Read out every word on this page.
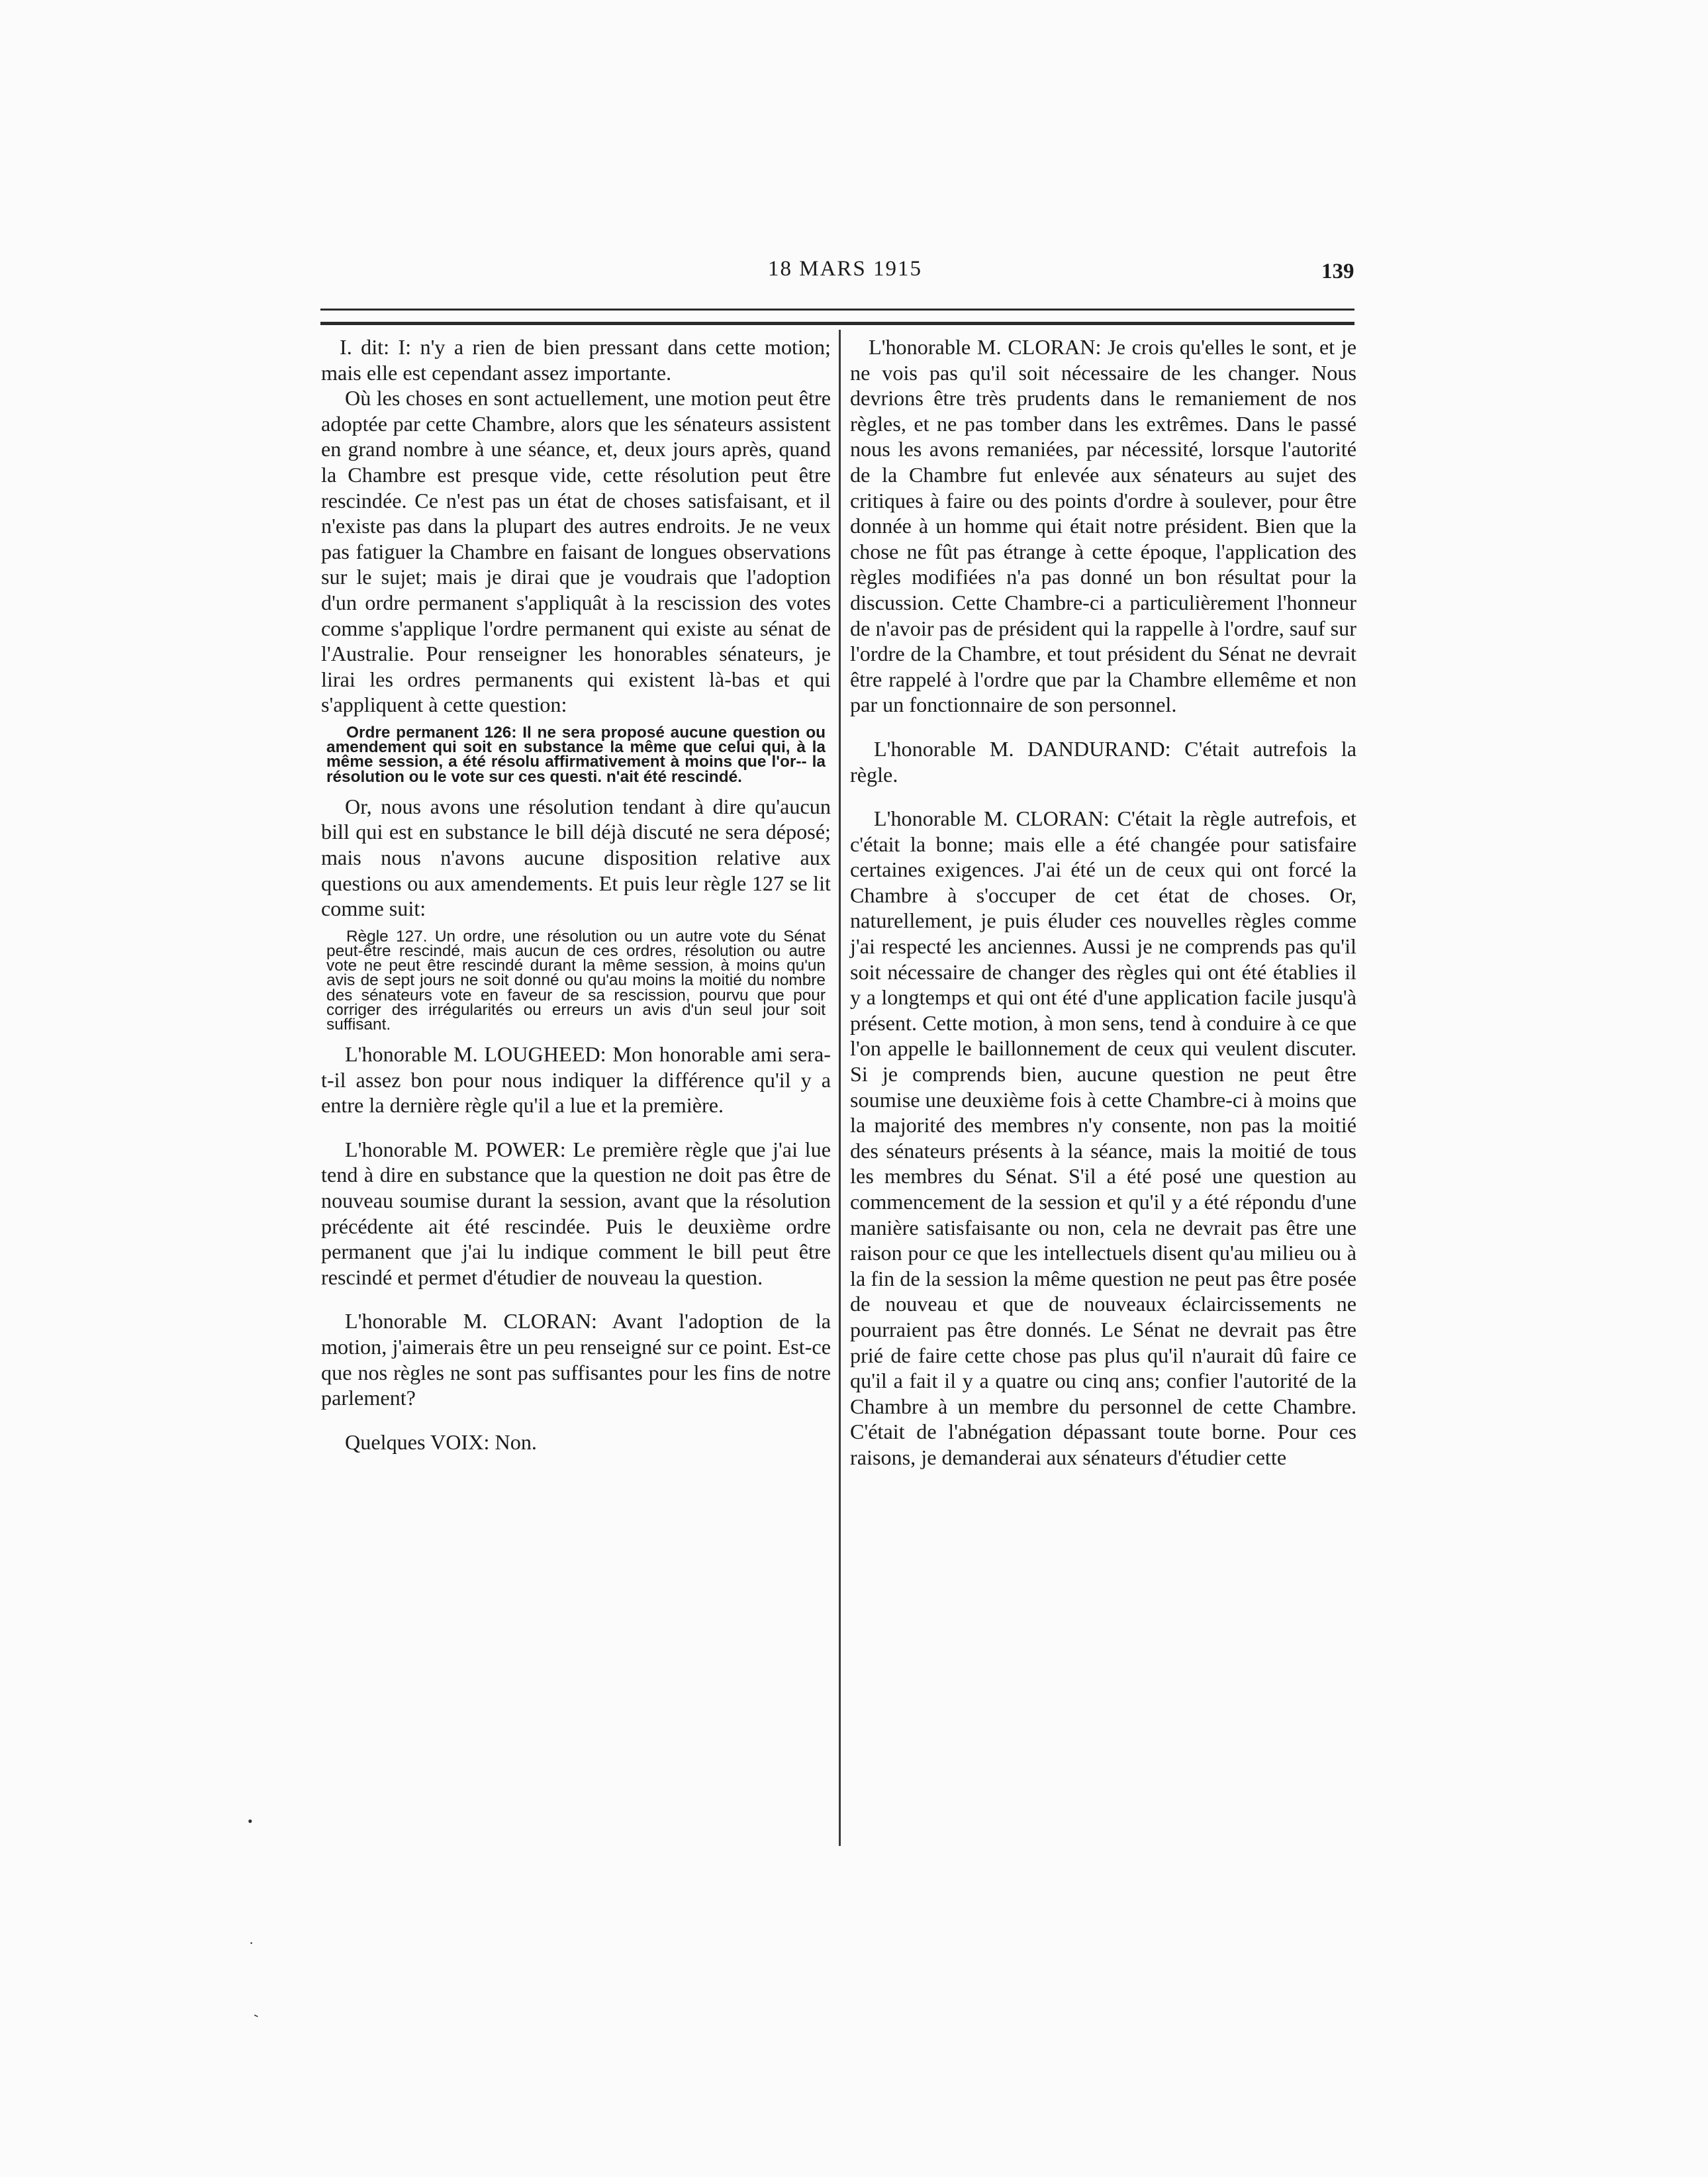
18 MARS 1915	139

I. dit: I: n'y a rien de bien pressant dans cette motion; mais elle est cependant assez importante.

Où les choses en sont actuellement, une motion peut être adoptée par cette Chambre, alors que les sénateurs assistent en grand nombre à une séance, et, deux jours après, quand la Chambre est presque vide, cette résolution peut être rescindée. Ce n'est pas un état de choses satisfaisant, et il n'existe pas dans la plupart des autres endroits. Je ne veux pas fatiguer la Chambre en faisant de longues observations sur le sujet; mais je dirai que je voudrais que l'adoption d'un ordre permanent s'appliquât à la rescission des votes comme s'applique l'ordre permanent qui existe au sénat de l'Australie. Pour renseigner les honorables sénateurs, je lirai les ordres permanents qui existent là-bas et qui s'appliquent à cette question:

Ordre permanent 126: Il ne sera proposé aucune question ou amendement qui soit en substance la même que celui qui, à la même session, a été résolu affirmativement à moins que l'or-- la résolution ou le vote sur ces questi. n'ait été rescindé.

Or, nous avons une résolution tendant à dire qu'aucun bill qui est en substance le bill déjà discuté ne sera déposé; mais nous n'avons aucune disposition relative aux questions ou aux amendements. Et puis leur règle 127 se lit comme suit:

Règle 127. Un ordre, une résolution ou un autre vote du Sénat peut-être rescindé, mais aucun de ces ordres, résolution ou autre vote ne peut être rescindé durant la même session, à moins qu'un avis de sept jours ne soit donné ou qu'au moins la moitié du nombre des sénateurs vote en faveur de sa rescission, pourvu que pour corriger des irrégularités ou erreurs un avis d'un seul jour soit suffisant.

L'honorable M. LOUGHEED: Mon honorable ami sera-t-il assez bon pour nous indiquer la différence qu'il y a entre la dernière règle qu'il a lue et la première.

L'honorable M. POWER: Le première règle que j'ai lue tend à dire en substance que la question ne doit pas être de nouveau soumise durant la session, avant que la résolution précédente ait été rescindée. Puis le deuxième ordre permanent que j'ai lu indique comment le bill peut être rescindé et permet d'étudier de nouveau la question.

L'honorable M. CLORAN: Avant l'adoption de la motion, j'aimerais être un peu renseigné sur ce point. Est-ce que nos règles ne sont pas suffisantes pour les fins de notre parlement?

Quelques VOIX: Non.

L'honorable M. CLORAN: Je crois qu'elles le sont, et je ne vois pas qu'il soit nécessaire de les changer. Nous devrions être très prudents dans le remaniement de nos règles, et ne pas tomber dans les extrêmes. Dans le passé nous les avons remaniées, par nécessité, lorsque l'autorité de la Chambre fut enlevée aux sénateurs au sujet des critiques à faire ou des points d'ordre à soulever, pour être donnée à un homme qui était notre président. Bien que la chose ne fût pas étrange à cette époque, l'application des règles modifiées n'a pas donné un bon résultat pour la discussion. Cette Chambre-ci a particulièrement l'honneur de n'avoir pas de président qui la rappelle à l'ordre, sauf sur l'ordre de la Chambre, et tout président du Sénat ne devrait être rappelé à l'ordre que par la Chambre ellemême et non par un fonctionnaire de son personnel.

L'honorable M. DANDURAND: C'était autrefois la règle.

L'honorable M. CLORAN: C'était la règle autrefois, et c'était la bonne; mais elle a été changée pour satisfaire certaines exigences. J'ai été un de ceux qui ont forcé la Chambre à s'occuper de cet état de choses. Or, naturellement, je puis éluder ces nouvelles règles comme j'ai respecté les anciennes. Aussi je ne comprends pas qu'il soit nécessaire de changer des règles qui ont été établies il y a longtemps et qui ont été d'une application facile jusqu'à présent. Cette motion, à mon sens, tend à conduire à ce que l'on appelle le baillonnement de ceux qui veulent discuter. Si je comprends bien, aucune question ne peut être soumise une deuxième fois à cette Chambre-ci à moins que la majorité des membres n'y consente, non pas la moitié des sénateurs présents à la séance, mais la moitié de tous les membres du Sénat. S'il a été posé une question au commencement de la session et qu'il y a été répondu d'une manière satisfaisante ou non, cela ne devrait pas être une raison pour ce que les intellectuels disent qu'au milieu ou à la fin de la session la même question ne peut pas être posée de nouveau et que de nouveaux éclaircissements ne pourraient pas être donnés. Le Sénat ne devrait pas être prié de faire cette chose pas plus qu'il n'aurait dû faire ce qu'il a fait il y a quatre ou cinq ans; confier l'autorité de la Chambre à un membre du personnel de cette Chambre. C'était de l'abnégation dépassant toute borne. Pour ces raisons, je demanderai aux sénateurs d'étudier cette

•
·
‐
